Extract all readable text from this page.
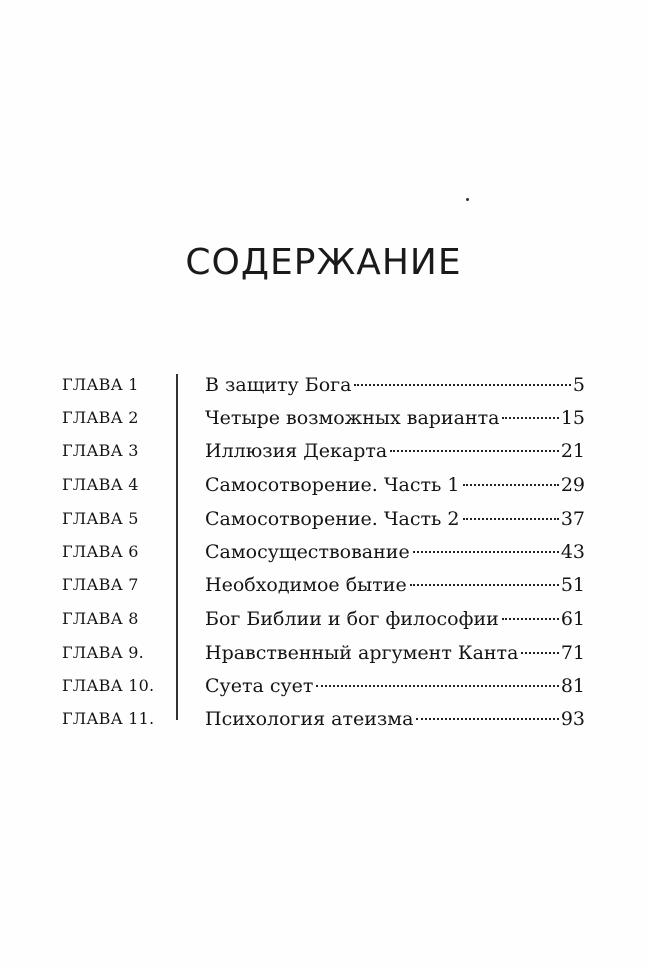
СОДЕРЖАНИЕ
ГЛАВА 1	В защиту Бога	5
ГЛАВА 2	Четыре возможных варианта	15
ГЛАВА 3	Иллюзия Декарта	21
ГЛАВА 4	Самосотворение. Часть 1	29
ГЛАВА 5	Самосотворение. Часть 2	37
ГЛАВА 6	Самосуществование	43
ГЛАВА 7	Необходимое бытие	51
ГЛАВА 8	Бог Библии и бог философии	61
ГЛАВА 9.	Нравственный аргумент Канта 71
ГЛАВА 10.	Суета сует	81
ГЛАВА 11.	Психология атеизма	93
